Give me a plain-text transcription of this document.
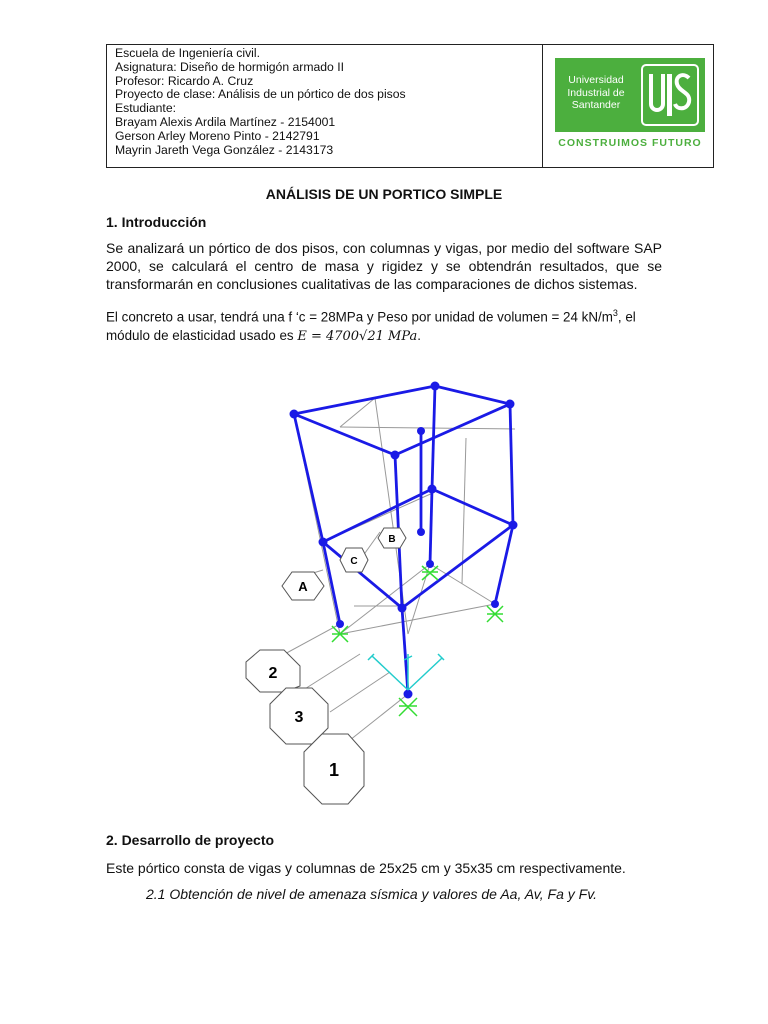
Escuela de Ingeniería civil.
Asignatura: Diseño de hormigón armado II
Profesor: Ricardo A. Cruz
Proyecto de clase: Análisis de un pórtico de dos pisos
Estudiante:
Brayam Alexis Ardila Martínez - 2154001
Gerson Arley Moreno Pinto - 2142791
Mayrin Jareth Vega González - 2143173
Universidad
Industrial de
Santander
CONSTRUIMOS FUTURO
ANÁLISIS DE UN PORTICO SIMPLE
1. Introducción
Se analizará un pórtico de dos pisos, con columnas y vigas, por medio del software SAP 2000, se calculará el centro de masa y rigidez y se obtendrán resultados, que se transformarán en conclusiones cualitativas de las comparaciones de dichos sistemas.
El concreto a usar, tendrá una f ‘c = 28MPa y Peso por unidad de volumen = 24 $kN/m^3$, el módulo de elasticidad usado es E = 4700√21 MPa.
A
C
B
2
3
1
2. Desarrollo de proyecto
Este pórtico consta de vigas y columnas de 25x25 cm y 35x35 cm respectivamente.
2.1 Obtención de nivel de amenaza sísmica y valores de Aa, Av, Fa y Fv.
